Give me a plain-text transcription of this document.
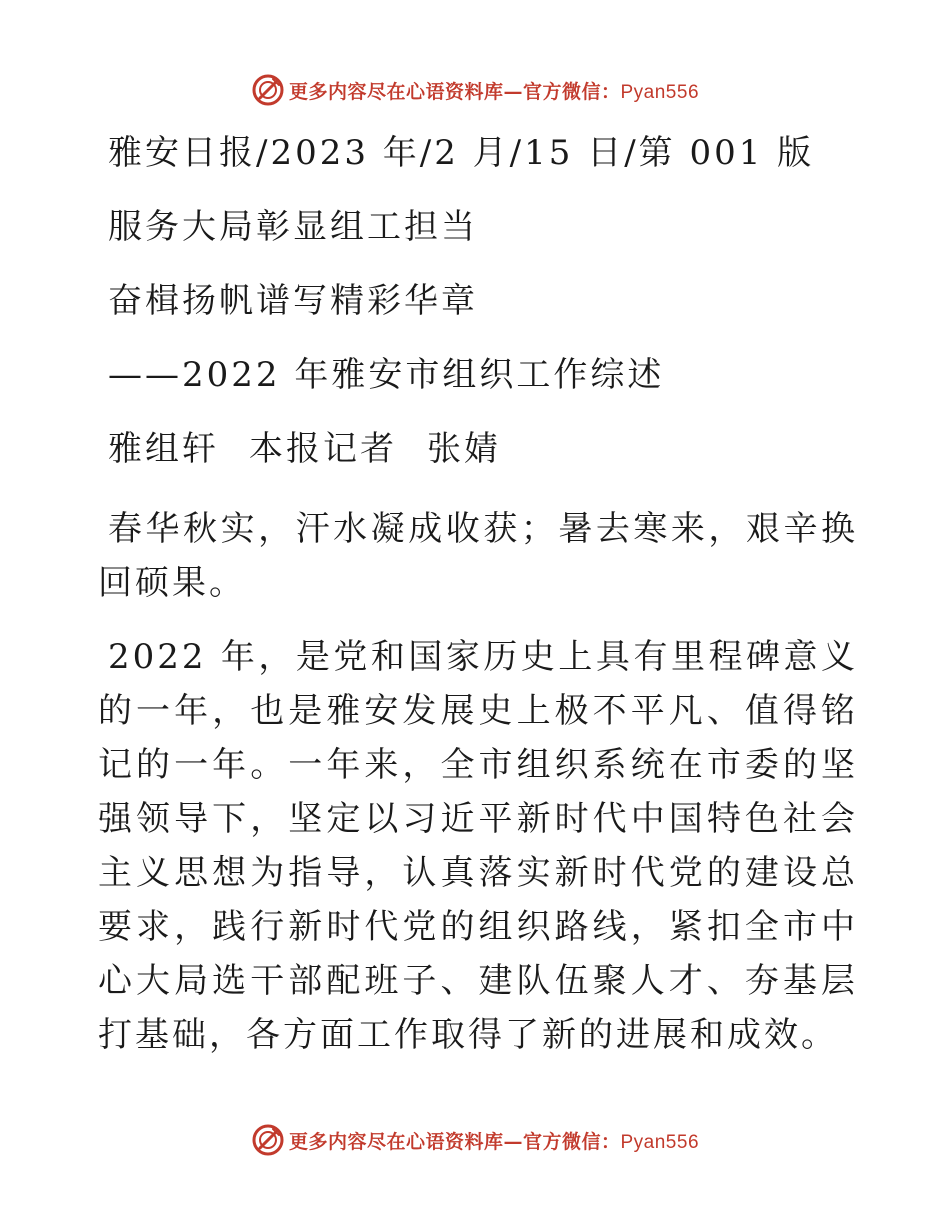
更多内容尽在心语资料库—官方微信：Pyan556

雅安日报/2023 年/2 月/15 日/第 001 版

服务大局彰显组工担当

奋楫扬帆谱写精彩华章

——2022 年雅安市组织工作综述

雅组轩 本报记者 张婧

春华秋实，汗水凝成收获；暑去寒来，艰辛换回硕果。

2022 年，是党和国家历史上具有里程碑意义的一年，也是雅安发展史上极不平凡、值得铭记的一年。一年来，全市组织系统在市委的坚强领导下，坚定以习近平新时代中国特色社会主义思想为指导，认真落实新时代党的建设总要求，践行新时代党的组织路线，紧扣全市中心大局选干部配班子、建队伍聚人才、夯基层打基础，各方面工作取得了新的进展和成效。

更多内容尽在心语资料库—官方微信：Pyan556
